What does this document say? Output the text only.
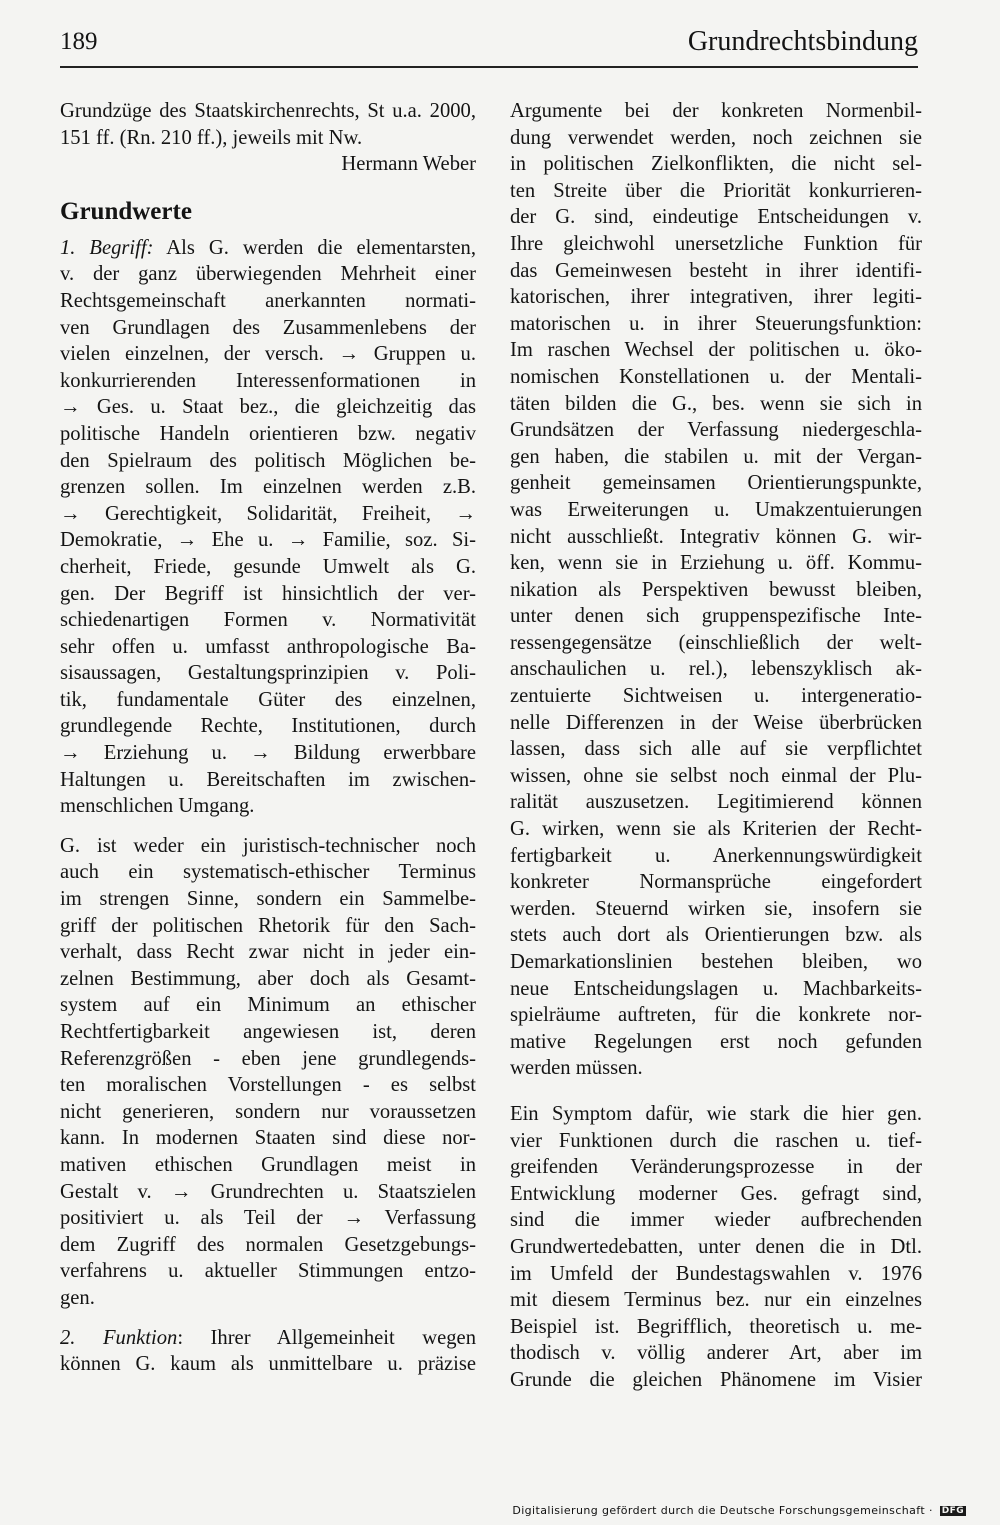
189	Grundrechtsbindung
Grundzüge des Staatskirchenrechts, St u.a. 2000,
151 ff. (Rn. 210 ff.), jeweils mit Nw.
Hermann Weber
Grundwerte
1. Begriff: Als G. werden die elementarsten,
v. der ganz überwiegenden Mehrheit einer
Rechtsgemeinschaft anerkannten normati-
ven Grundlagen des Zusammenlebens der
vielen einzelnen, der versch. → Gruppen u.
konkurrierenden Interessenformationen in
→ Ges. u. Staat bez., die gleichzeitig das
politische Handeln orientieren bzw. negativ
den Spielraum des politisch Möglichen be-
grenzen sollen. Im einzelnen werden z.B.
→ Gerechtigkeit, Solidarität, Freiheit, →
Demokratie, → Ehe u. → Familie, soz. Si-
cherheit, Friede, gesunde Umwelt als G.
gen. Der Begriff ist hinsichtlich der ver-
schiedenartigen Formen v. Normativität
sehr offen u. umfasst anthropologische Ba-
sisaussagen, Gestaltungsprinzipien v. Poli-
tik, fundamentale Güter des einzelnen,
grundlegende Rechte, Institutionen, durch
→ Erziehung u. → Bildung erwerbbare
Haltungen u. Bereitschaften im zwischen-
menschlichen Umgang.
G. ist weder ein juristisch-technischer noch
auch ein systematisch-ethischer Terminus
im strengen Sinne, sondern ein Sammelbe-
griff der politischen Rhetorik für den Sach-
verhalt, dass Recht zwar nicht in jeder ein-
zelnen Bestimmung, aber doch als Gesamt-
system auf ein Minimum an ethischer
Rechtfertigbarkeit angewiesen ist, deren
Referenzgrößen - eben jene grundlegends-
ten moralischen Vorstellungen - es selbst
nicht generieren, sondern nur voraussetzen
kann. In modernen Staaten sind diese nor-
mativen ethischen Grundlagen meist in
Gestalt v. → Grundrechten u. Staatszielen
positiviert u. als Teil der → Verfassung
dem Zugriff des normalen Gesetzgebungs-
verfahrens u. aktueller Stimmungen entzo-
gen.
2. Funktion: Ihrer Allgemeinheit wegen
können G. kaum als unmittelbare u. präzise
Argumente bei der konkreten Normenbil-
dung verwendet werden, noch zeichnen sie
in politischen Zielkonflikten, die nicht sel-
ten Streite über die Priorität konkurrieren-
der G. sind, eindeutige Entscheidungen v.
Ihre gleichwohl unersetzliche Funktion für
das Gemeinwesen besteht in ihrer identifi-
katorischen, ihrer integrativen, ihrer legiti-
matorischen u. in ihrer Steuerungsfunktion:
Im raschen Wechsel der politischen u. öko-
nomischen Konstellationen u. der Mentali-
täten bilden die G., bes. wenn sie sich in
Grundsätzen der Verfassung niedergeschla-
gen haben, die stabilen u. mit der Vergan-
genheit gemeinsamen Orientierungspunkte,
was Erweiterungen u. Umakzentuierungen
nicht ausschließt. Integrativ können G. wir-
ken, wenn sie in Erziehung u. öff. Kommu-
nikation als Perspektiven bewusst bleiben,
unter denen sich gruppenspezifische Inte-
ressengegensätze (einschließlich der welt-
anschaulichen u. rel.), lebenszyklisch ak-
zentuierte Sichtweisen u. intergeneratio-
nelle Differenzen in der Weise überbrücken
lassen, dass sich alle auf sie verpflichtet
wissen, ohne sie selbst noch einmal der Plu-
ralität auszusetzen. Legitimierend können
G. wirken, wenn sie als Kriterien der Recht-
fertigbarkeit u. Anerkennungswürdigkeit
konkreter Normansprüche eingefordert
werden. Steuernd wirken sie, insofern sie
stets auch dort als Orientierungen bzw. als
Demarkationslinien bestehen bleiben, wo
neue Entscheidungslagen u. Machbarkeits-
spielräume auftreten, für die konkrete nor-
mative Regelungen erst noch gefunden
werden müssen.
Ein Symptom dafür, wie stark die hier gen.
vier Funktionen durch die raschen u. tief-
greifenden Veränderungsprozesse in der
Entwicklung moderner Ges. gefragt sind,
sind die immer wieder aufbrechenden
Grundwertedebatten, unter denen die in Dtl.
im Umfeld der Bundestagswahlen v. 1976
mit diesem Terminus bez. nur ein einzelnes
Beispiel ist. Begrifflich, theoretisch u. me-
thodisch v. völlig anderer Art, aber im
Grunde die gleichen Phänomene im Visier
Digitalisierung gefördert durch die Deutsche Forschungsgemeinschaft · DFG
